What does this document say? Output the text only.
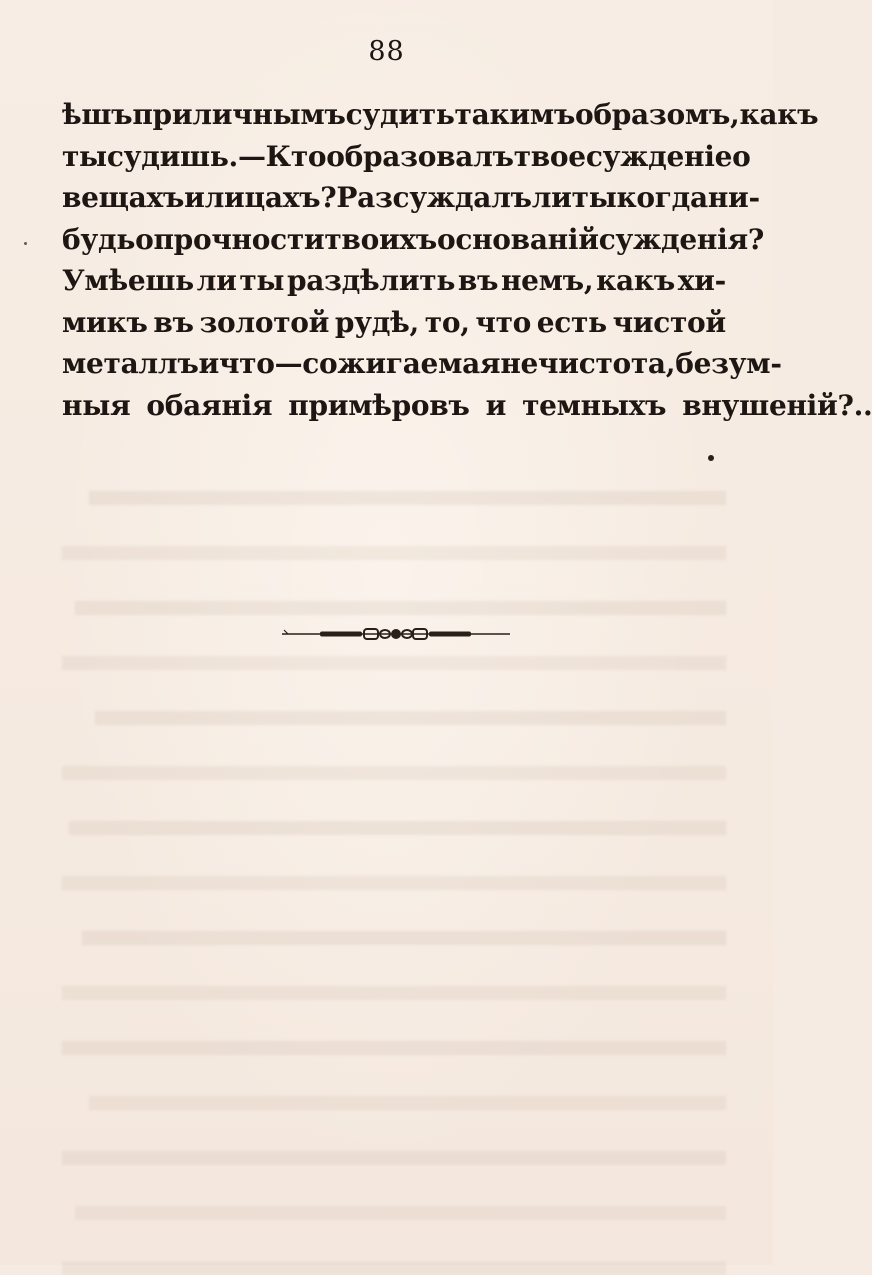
88
ѣшъ приличнымъ судить такимъ образомъ, какъ
ты судишь.—Кто образовалъ твое сужденіе о
вещахъ и лицахъ? Разсуждалъ ли ты когда ни-
будь о прочности твоихъ основаній сужденія?
Умѣешь ли ты раздѣлить въ немъ, какъ хи-
микъ въ золотой рудѣ, то, что есть чистой
металлъ и что—сожигаемая нечистота, безум-
ныя обаянія примѣровъ и темныхъ внушеній?..
